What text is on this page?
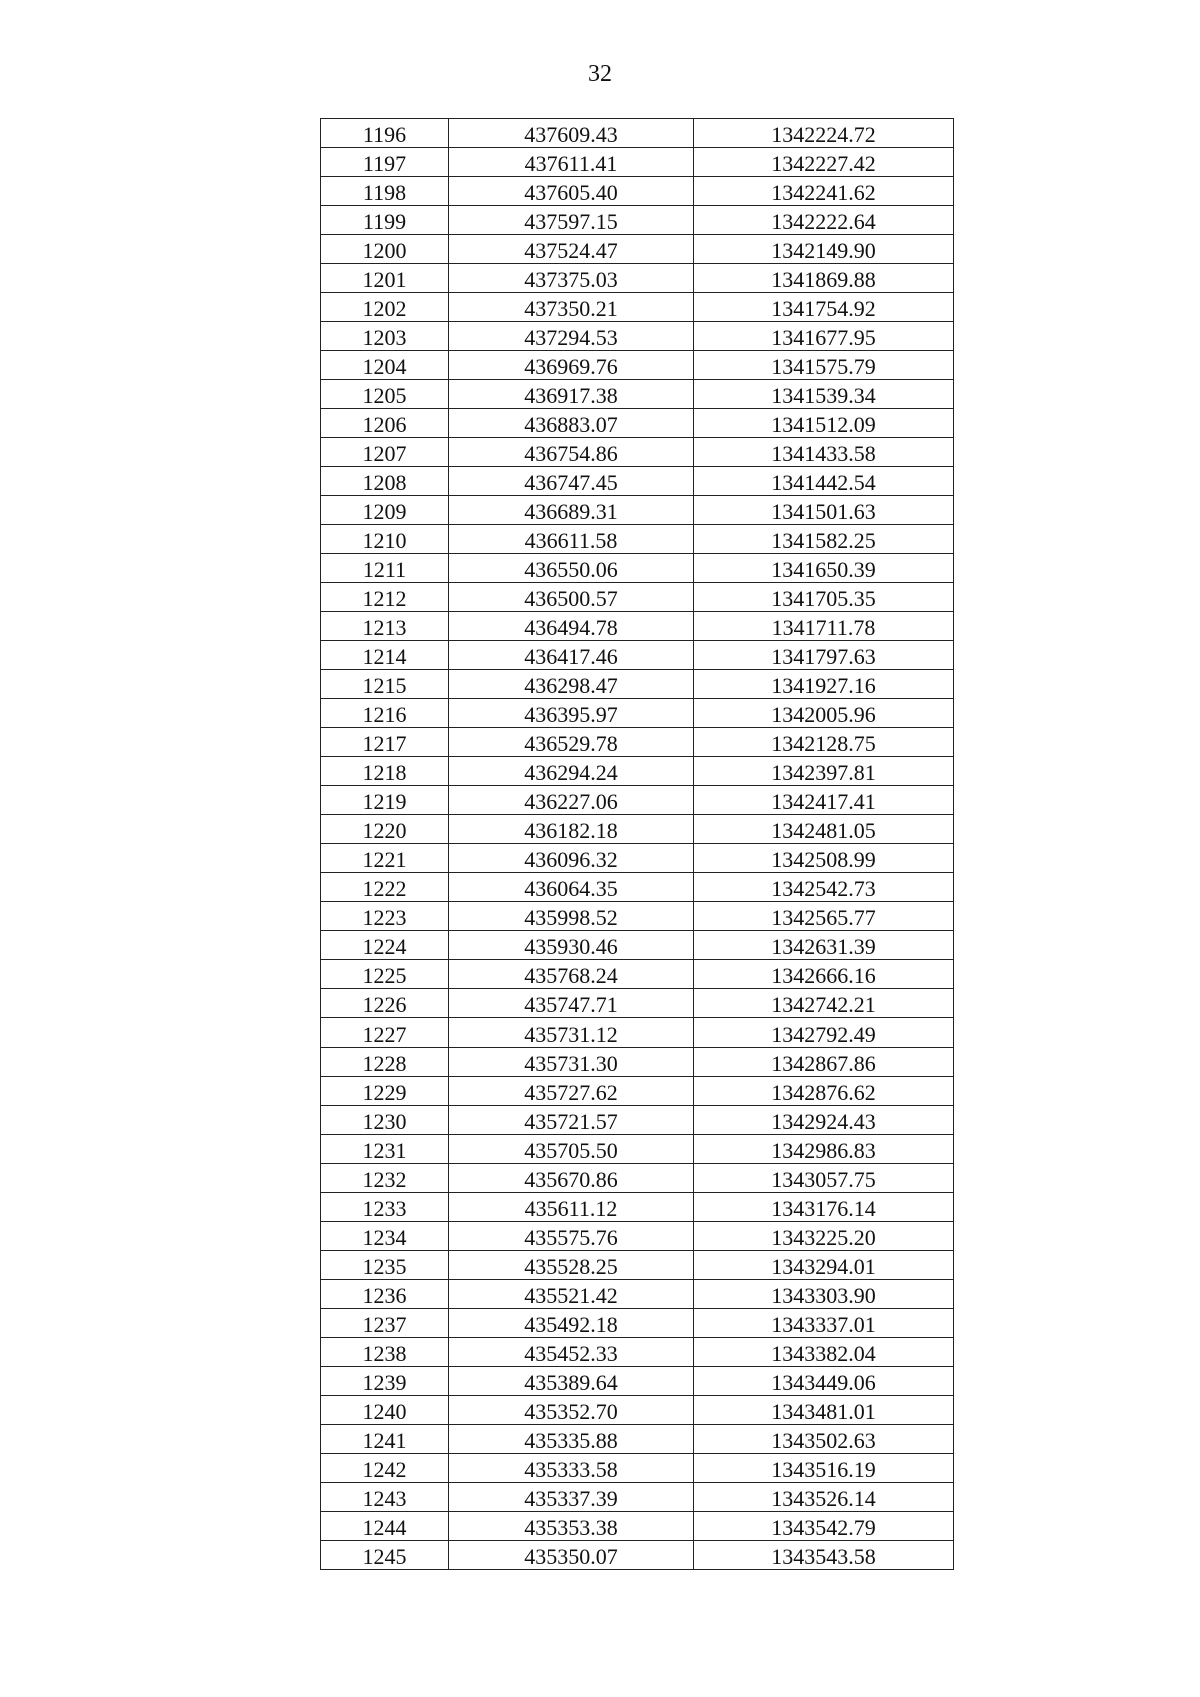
32
1196	437609.43	1342224.72
1197	437611.41	1342227.42
1198	437605.40	1342241.62
1199	437597.15	1342222.64
1200	437524.47	1342149.90
1201	437375.03	1341869.88
1202	437350.21	1341754.92
1203	437294.53	1341677.95
1204	436969.76	1341575.79
1205	436917.38	1341539.34
1206	436883.07	1341512.09
1207	436754.86	1341433.58
1208	436747.45	1341442.54
1209	436689.31	1341501.63
1210	436611.58	1341582.25
1211	436550.06	1341650.39
1212	436500.57	1341705.35
1213	436494.78	1341711.78
1214	436417.46	1341797.63
1215	436298.47	1341927.16
1216	436395.97	1342005.96
1217	436529.78	1342128.75
1218	436294.24	1342397.81
1219	436227.06	1342417.41
1220	436182.18	1342481.05
1221	436096.32	1342508.99
1222	436064.35	1342542.73
1223	435998.52	1342565.77
1224	435930.46	1342631.39
1225	435768.24	1342666.16
1226	435747.71	1342742.21
1227	435731.12	1342792.49
1228	435731.30	1342867.86
1229	435727.62	1342876.62
1230	435721.57	1342924.43
1231	435705.50	1342986.83
1232	435670.86	1343057.75
1233	435611.12	1343176.14
1234	435575.76	1343225.20
1235	435528.25	1343294.01
1236	435521.42	1343303.90
1237	435492.18	1343337.01
1238	435452.33	1343382.04
1239	435389.64	1343449.06
1240	435352.70	1343481.01
1241	435335.88	1343502.63
1242	435333.58	1343516.19
1243	435337.39	1343526.14
1244	435353.38	1343542.79
1245	435350.07	1343543.58
